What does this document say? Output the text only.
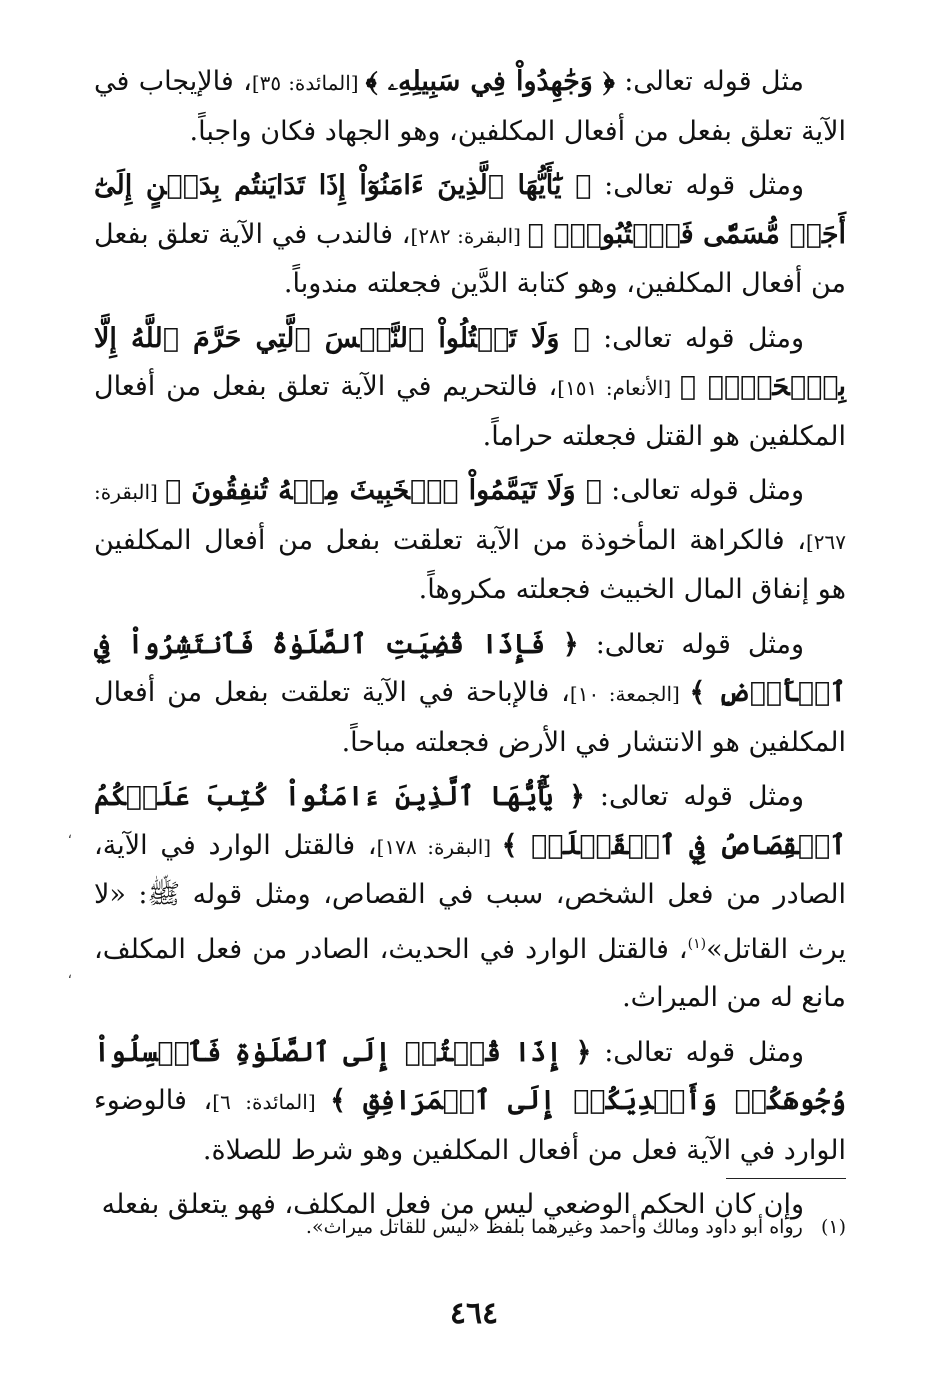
مثل قوله تعالى: ﴿ وَجَٰهِدُواْ فِي سَبِيلِهِۦ ﴾ [المائدة: ٣٥]، فالإيجاب في الآية تعلق بفعل من أفعال المكلفين، وهو الجهاد فكان واجباً.

ومثل قوله تعالى: ﴿ يَٰٓأَيُّهَا ٱلَّذِينَ ءَامَنُوٓاْ إِذَا تَدَايَنتُم بِدَيۡنٍ إِلَىٰٓ أَجَلٖ مُّسَمّٗى فَٱكۡتُبُوهُۚ ﴾ [البقرة: ٢٨٢]، فالندب في الآية تعلق بفعل من أفعال المكلفين، وهو كتابة الدَّين فجعلته مندوباً.

ومثل قوله تعالى: ﴿ وَلَا تَقۡتُلُواْ ٱلنَّفۡسَ ٱلَّتِي حَرَّمَ ٱللَّهُ إِلَّا بِٱلۡحَقِّۚ ﴾ [الأنعام: ١٥١]، فالتحريم في الآية تعلق بفعل من أفعال المكلفين هو القتل فجعلته حراماً.

ومثل قوله تعالى: ﴿ وَلَا تَيَمَّمُواْ ٱلۡخَبِيثَ مِنۡهُ تُنفِقُونَ ﴾ [البقرة: ٢٦٧]، فالكراهة المأخوذة من الآية تعلقت بفعل من أفعال المكلفين هو إنفاق المال الخبيث فجعلته مكروهاً.

ومثل قوله تعالى: ﴿ فَإِذَا قُضِيَتِ ٱلصَّلَوٰةُ فَٱنتَشِرُواْ فِي ٱلۡأَرۡضِ ﴾ [الجمعة: ١٠]، فالإباحة في الآية تعلقت بفعل من أفعال المكلفين هو الانتشار في الأرض فجعلته مباحاً.

ومثل قوله تعالى: ﴿ يَٰٓأَيُّهَا ٱلَّذِينَ ءَامَنُواْ كُتِبَ عَلَيۡكُمُ ٱلۡقِصَاصُ فِي ٱلۡقَتۡلَىۖ ﴾ [البقرة: ١٧٨]، فالقتل الوارد في الآية، الصادر من فعل الشخص، سبب في القصاص، ومثل قوله ﷺ: «لا يرث القاتل»$^{(١)}$، فالقتل الوارد في الحديث، الصادر من فعل المكلف، مانع له من الميراث.

ومثل قوله تعالى: ﴿ إِذَا قُمۡتُمۡ إِلَى ٱلصَّلَوٰةِ فَٱغۡسِلُواْ وُجُوهَكُمۡ وَأَيۡدِيَكُمۡ إِلَى ٱلۡمَرَافِقِ ﴾ [المائدة: ٦]، فالوضوء الوارد في الآية فعل من أفعال المكلفين وهو شرط للصلاة.

وإن كان الحكم الوضعي ليس من فعل المكلف، فهو يتعلق بفعله

،
،
(١)   رواه أبو داود ومالك وأحمد وغيرهما بلفظ «ليس للقاتل ميراث».
٤٦٤
